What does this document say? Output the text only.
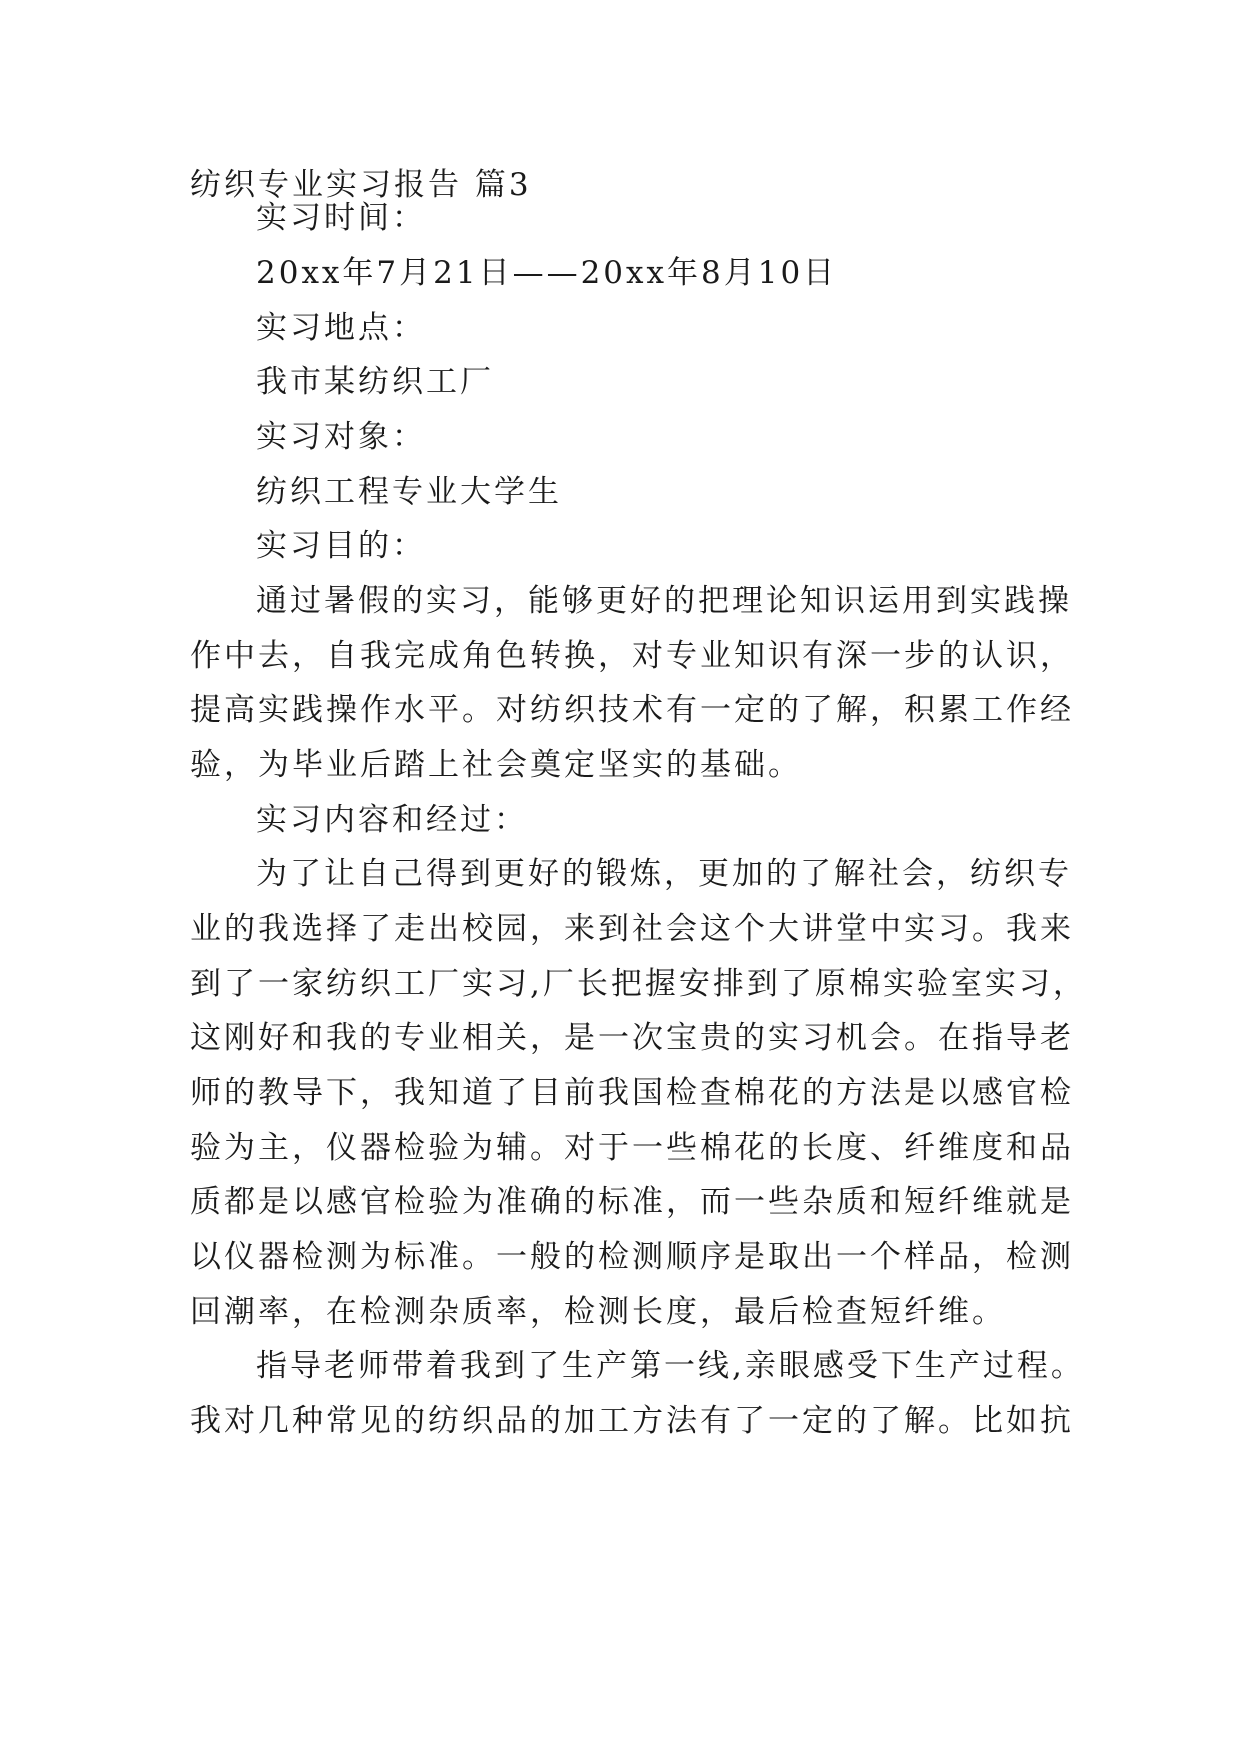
纺织专业实习报告 篇3
实习时间：
20xx年7月21日——20xx年8月10日
实习地点：
我市某纺织工厂
实习对象：
纺织工程专业大学生
实习目的：
通过暑假的实习，能够更好的把理论知识运用到实践操
作中去，自我完成角色转换，对专业知识有深一步的认识，
提高实践操作水平。对纺织技术有一定的了解，积累工作经
验，为毕业后踏上社会奠定坚实的基础。
实习内容和经过：
为了让自己得到更好的锻炼，更加的了解社会，纺织专
业的我选择了走出校园，来到社会这个大讲堂中实习。我来
到了一家纺织工厂实习,厂长把握安排到了原棉实验室实习，
这刚好和我的专业相关，是一次宝贵的实习机会。在指导老
师的教导下，我知道了目前我国检查棉花的方法是以感官检
验为主，仪器检验为辅。对于一些棉花的长度、纤维度和品
质都是以感官检验为准确的标准，而一些杂质和短纤维就是
以仪器检测为标准。一般的检测顺序是取出一个样品，检测
回潮率，在检测杂质率，检测长度，最后检查短纤维。
指导老师带着我到了生产第一线,亲眼感受下生产过程。
我对几种常见的纺织品的加工方法有了一定的了解。比如抗
